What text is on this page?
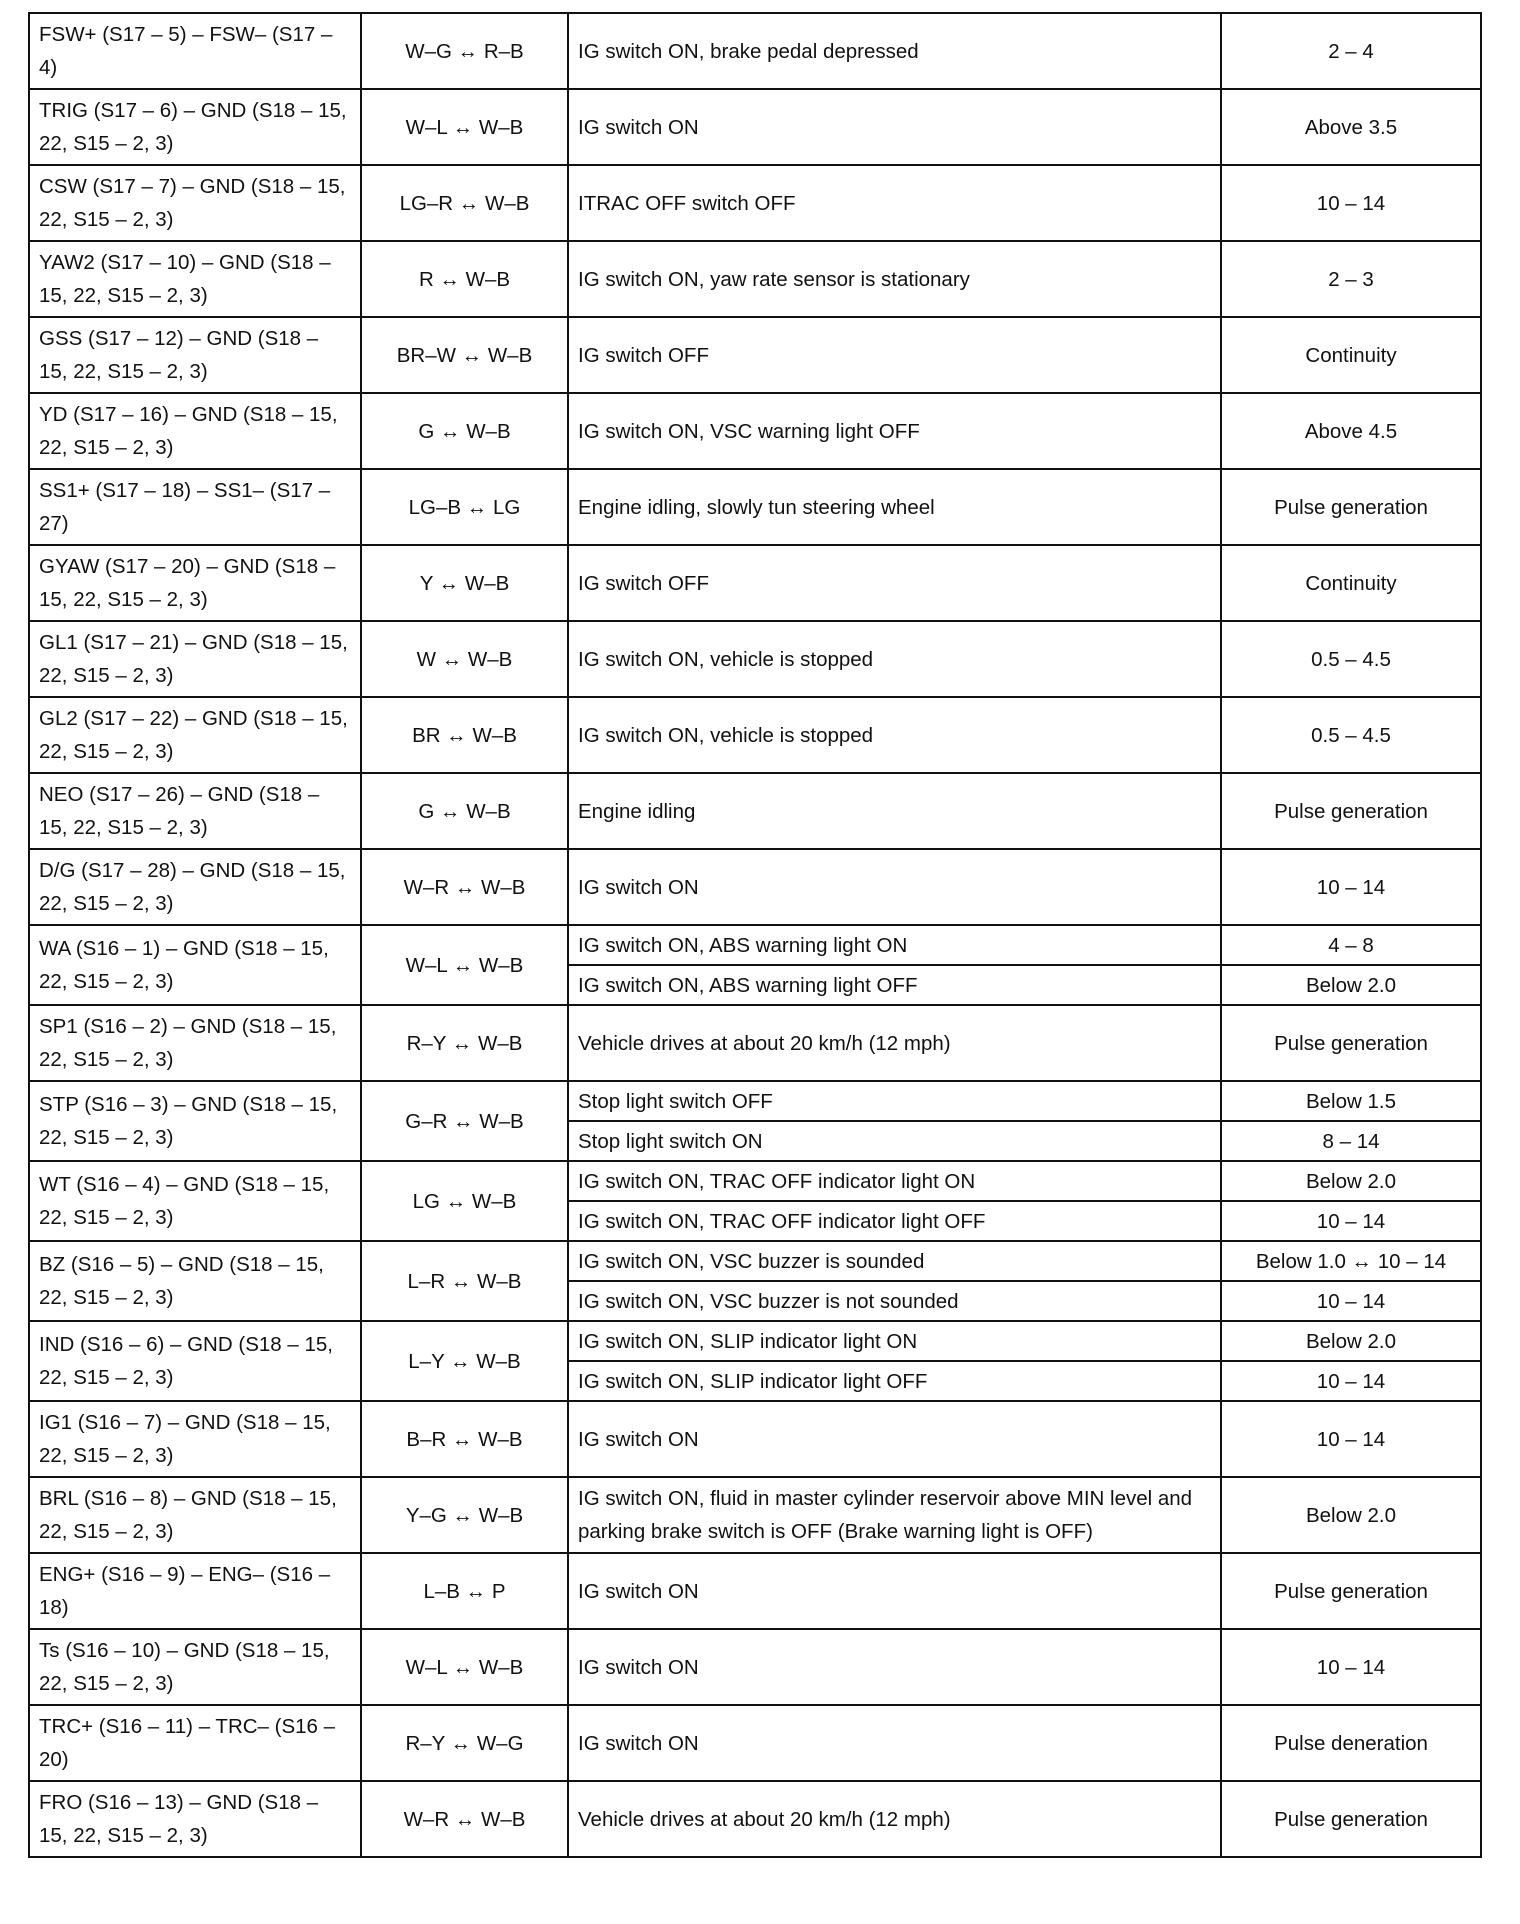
FSW+ (S17 – 5) – FSW– (S17 – 4)	W–G ↔ R–B	IG switch ON, brake pedal depressed	2 – 4
TRIG (S17 – 6) – GND (S18 – 15, 22, S15 – 2, 3)	W–L ↔ W–B	IG switch ON	Above 3.5
CSW (S17 – 7) – GND (S18 – 15, 22, S15 – 2, 3)	LG–R ↔ W–B	ITRAC OFF switch OFF	10 – 14
YAW2 (S17 – 10) – GND (S18 – 15, 22, S15 – 2, 3)	R ↔ W–B	IG switch ON, yaw rate sensor is stationary	2 – 3
GSS (S17 – 12) – GND (S18 – 15, 22, S15 – 2, 3)	BR–W ↔ W–B	IG switch OFF	Continuity
YD (S17 – 16) – GND (S18 – 15, 22, S15 – 2, 3)	G ↔ W–B	IG switch ON, VSC warning light OFF	Above 4.5
SS1+ (S17 – 18) – SS1– (S17 – 27)	LG–B ↔ LG	Engine idling, slowly tun steering wheel	Pulse generation
GYAW (S17 – 20) – GND (S18 – 15, 22, S15 – 2, 3)	Y ↔ W–B	IG switch OFF	Continuity
GL1 (S17 – 21) – GND (S18 – 15, 22, S15 – 2, 3)	W ↔ W–B	IG switch ON, vehicle is stopped	0.5 – 4.5
GL2 (S17 – 22) – GND (S18 – 15, 22, S15 – 2, 3)	BR ↔ W–B	IG switch ON, vehicle is stopped	0.5 – 4.5
NEO (S17 – 26) – GND (S18 – 15, 22, S15 – 2, 3)	G ↔ W–B	Engine idling	Pulse generation
D/G (S17 – 28) – GND (S18 – 15, 22, S15 – 2, 3)	W–R ↔ W–B	IG switch ON	10 – 14
WA (S16 – 1) – GND (S18 – 15, 22, S15 – 2, 3)	W–L ↔ W–B	IG switch ON, ABS warning light ON	4 – 8
		IG switch ON, ABS warning light OFF	Below 2.0
SP1 (S16 – 2) – GND (S18 – 15, 22, S15 – 2, 3)	R–Y ↔ W–B	Vehicle drives at about 20 km/h (12 mph)	Pulse generation
STP (S16 – 3) – GND (S18 – 15, 22, S15 – 2, 3)	G–R ↔ W–B	Stop light switch OFF	Below 1.5
		Stop light switch ON	8 – 14
WT (S16 – 4) – GND (S18 – 15, 22, S15 – 2, 3)	LG ↔ W–B	IG switch ON, TRAC OFF indicator light ON	Below 2.0
		IG switch ON, TRAC OFF indicator light OFF	10 – 14
BZ (S16 – 5) – GND (S18 – 15, 22, S15 – 2, 3)	L–R ↔ W–B	IG switch ON, VSC buzzer is sounded	Below 1.0 ↔ 10 – 14
		IG switch ON, VSC buzzer is not sounded	10 – 14
IND (S16 – 6) – GND (S18 – 15, 22, S15 – 2, 3)	L–Y ↔ W–B	IG switch ON, SLIP indicator light ON	Below 2.0
		IG switch ON, SLIP indicator light OFF	10 – 14
IG1 (S16 – 7) – GND (S18 – 15, 22, S15 – 2, 3)	B–R ↔ W–B	IG switch ON	10 – 14
BRL (S16 – 8) – GND (S18 – 15, 22, S15 – 2, 3)	Y–G ↔ W–B	IG switch ON, fluid in master cylinder reservoir above MIN level and parking brake switch is OFF (Brake warning light is OFF)	Below 2.0
ENG+ (S16 – 9) – ENG– (S16 – 18)	L–B ↔ P	IG switch ON	Pulse generation
Ts (S16 – 10) – GND (S18 – 15, 22, S15 – 2, 3)	W–L ↔ W–B	IG switch ON	10 – 14
TRC+ (S16 – 11) – TRC– (S16 – 20)	R–Y ↔ W–G	IG switch ON	Pulse deneration
FRO (S16 – 13) – GND (S18 – 15, 22, S15 – 2, 3)	W–R ↔ W–B	Vehicle drives at about 20 km/h (12 mph)	Pulse generation
